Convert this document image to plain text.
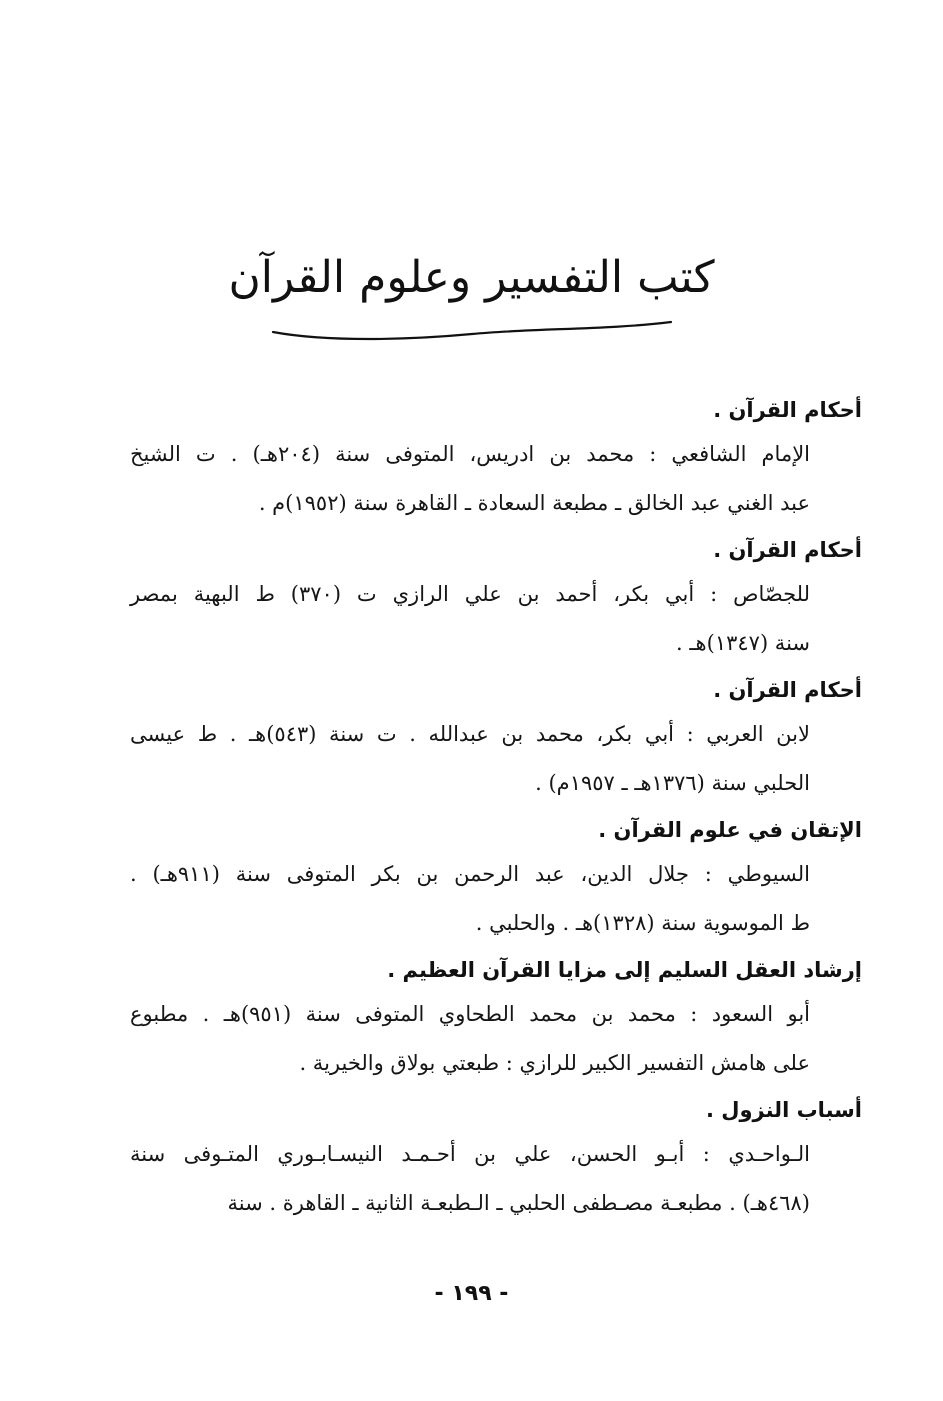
كتب التفسير وعلوم القرآن
أحكام القرآن .
الإمام الشافعي : محمد بن ادريس، المتوفى سنة (٢٠٤هـ) . ت الشيخ
عبد الغني عبد الخالق ـ مطبعة السعادة ـ القاهرة سنة (١٩٥٢)م .
أحكام القرآن .
للجصّاص : أبي بكر، أحمد بن علي الرازي ت (٣٧٠) ط البهية بمصر
سنة (١٣٤٧)هـ .
أحكام القرآن .
لابن العربي : أبي بكر، محمد بن عبدالله . ت سنة (٥٤٣)هـ . ط عيسى
الحلبي سنة (١٣٧٦هـ ـ ١٩٥٧م) .
الإتقان في علوم القرآن .
السيوطي : جلال الدين، عبد الرحمن بن بكر المتوفى سنة (٩١١هـ) .
ط الموسوية سنة (١٣٢٨)هـ . والحلبي .
إرشاد العقل السليم إلى مزايا القرآن العظيم .
أبو السعود : محمد بن محمد الطحاوي المتوفى سنة (٩٥١)هـ . مطبوع
على هامش التفسير الكبير للرازي : طبعتي بولاق والخيرية .
أسباب النزول .
الـواحـدي : أبـو الحسن، علي بن أحـمـد النيسـابـوري المتـوفى سنة
(٤٦٨هـ) . مطبعـة مصـطفى الحلبي ـ الـطبعـة الثانية ـ القاهرة . سنة
- ١٩٩ -
